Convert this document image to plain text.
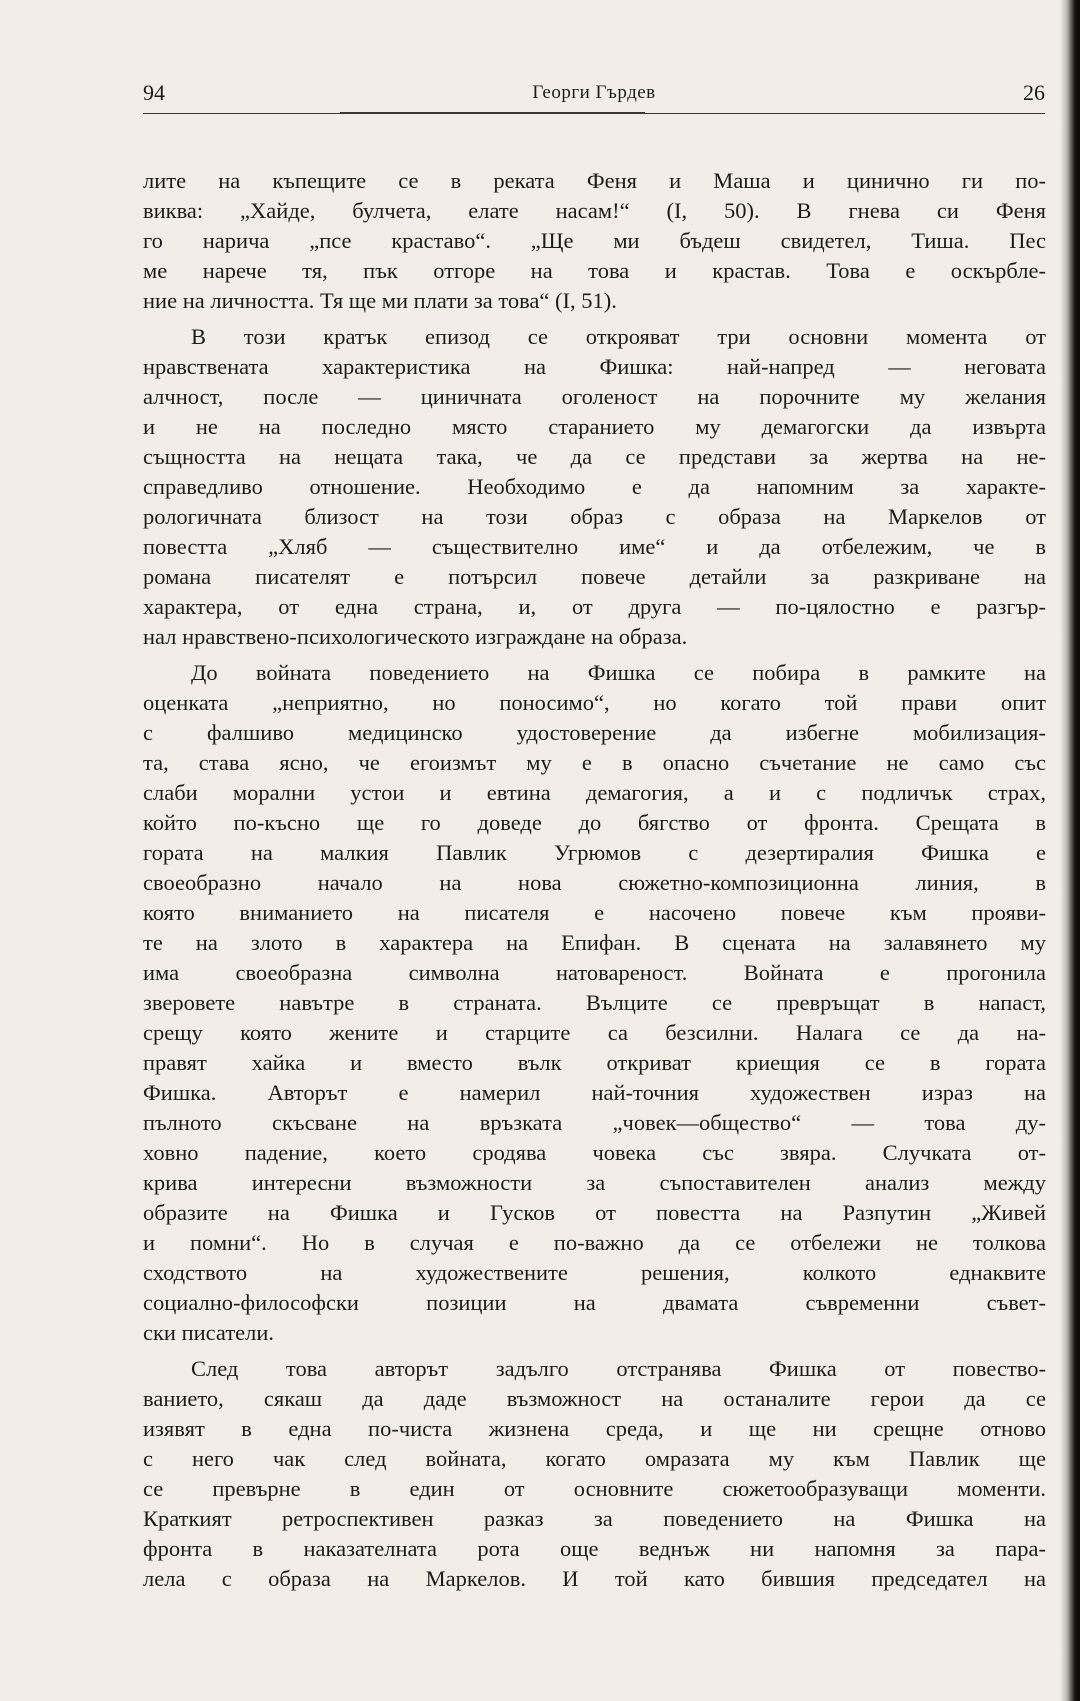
94	Георги Гърдев	26
лите на къпещите се в реката Феня и Маша и цинично ги по-
виква: „Хайде, булчета, елате насам!“ (I, 50). В гнева си Феня
го нарича „псе краставо“. „Ще ми бъдеш свидетел, Тиша. Пес
ме нарече тя, пък отгоре на това и крастав. Това е оскърбле-
ние на личността. Тя ще ми плати за това“ (I, 51).
В този кратък епизод се открояват три основни момента от
нравствената характеристика на Фишка: най-напред — неговата
алчност, после — циничната оголеност на порочните му желания
и не на последно място старанието му демагогски да извърта
същността на нещата така, че да се представи за жертва на не-
справедливо отношение. Необходимо е да напомним за характе-
рологичната близост на този образ с образа на Маркелов от
повестта „Хляб — съществително име“ и да отбележим, че в
романа писателят е потърсил повече детайли за разкриване на
характера, от една страна, и, от друга — по-цялостно е разгър-
нал нравствено-психологическото изграждане на образа.
До войната поведението на Фишка се побира в рамките на
оценката „неприятно, но поносимо“, но когато той прави опит
с фалшиво медицинско удостоверение да избегне мобилизация-
та, става ясно, че егоизмът му е в опасно съчетание не само със
слаби морални устои и евтина демагогия, а и с подличък страх,
който по-късно ще го доведе до бягство от фронта. Срещата в
гората на малкия Павлик Угрюмов с дезертиралия Фишка е
своеобразно начало на нова сюжетно-композиционна линия, в
която вниманието на писателя е насочено повече към прояви-
те на злото в характера на Епифан. В сцената на залавянето му
има своеобразна символна натовареност. Войната е прогонила
зверовете навътре в страната. Вълците се превръщат в напаст,
срещу която жените и старците са безсилни. Налага се да на-
правят хайка и вместо вълк откриват криещия се в гората
Фишка. Авторът е намерил най-точния художествен израз на
пълното скъсване на връзката „човек—общество“ — това ду-
ховно падение, което сродява човека със звяра. Случката от-
крива интересни възможности за съпоставителен анализ между
образите на Фишка и Гусков от повестта на Разпутин „Живей
и помни“. Но в случая е по-важно да се отбележи не толкова
сходството на художествените решения, колкото еднаквите
социално-философски позиции на двамата съвременни съвет-
ски писатели.
След това авторът задълго отстранява Фишка от повество-
ванието, сякаш да даде възможност на останалите герои да се
изявят в една по-чиста жизнена среда, и ще ни срещне отново
с него чак след войната, когато омразата му към Павлик ще
се превърне в един от основните сюжетообразуващи моменти.
Краткият ретроспективен разказ за поведението на Фишка на
фронта в наказателната рота още веднъж ни напомня за пара-
лела с образа на Маркелов. И той като бившия председател на
